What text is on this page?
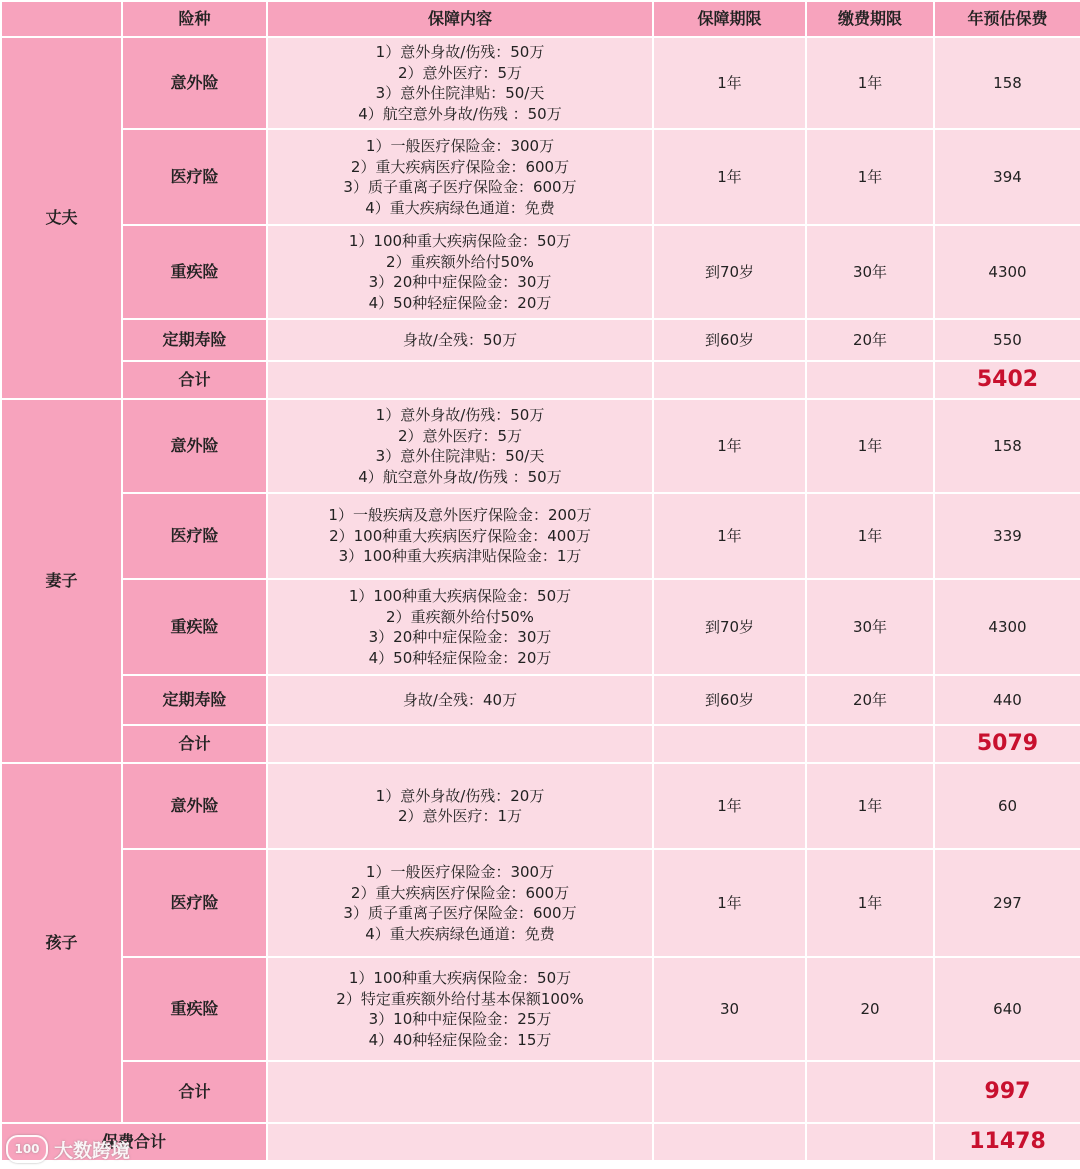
	险种	保障内容	保障期限	缴费期限	年预估保费
丈夫	意外险	1）意外身故/伤残：50万
2）意外医疗：5万
3）意外住院津贴：50/天
4）航空意外身故/伤残 ：50万	1年	1年	158
	医疗险	1）一般医疗保险金：300万
2）重大疾病医疗保险金：600万
3）质子重离子医疗保险金：600万
4）重大疾病绿色通道：免费	1年	1年	394
	重疾险	1）100种重大疾病保险金：50万
2）重疾额外给付50%
3）20种中症保险金：30万
4）50种轻症保险金：20万	到70岁	30年	4300
	定期寿险	身故/全残：50万	到60岁	20年	550
	合计				5402
妻子	意外险	1）意外身故/伤残：50万
2）意外医疗：5万
3）意外住院津贴：50/天
4）航空意外身故/伤残 ：50万	1年	1年	158
	医疗险	1）一般疾病及意外医疗保险金：200万
2）100种重大疾病医疗保险金：400万
3）100种重大疾病津贴保险金：1万	1年	1年	339
	重疾险	1）100种重大疾病保险金：50万
2）重疾额外给付50%
3）20种中症保险金：30万
4）50种轻症保险金：20万	到70岁	30年	4300
	定期寿险	身故/全残：40万	到60岁	20年	440
	合计				5079
孩子	意外险	1）意外身故/伤残：20万
2）意外医疗：1万	1年	1年	60
	医疗险	1）一般医疗保险金：300万
2）重大疾病医疗保险金：600万
3）质子重离子医疗保险金：600万
4）重大疾病绿色通道：免费	1年	1年	297
	重疾险	1）100种重大疾病保险金：50万
2）特定重疾额外给付基本保额100%
3）10种中症保险金：25万
4）40种轻症保险金：15万	30	20	640
	合计				997
保费合计					11478
100 大数跨境
